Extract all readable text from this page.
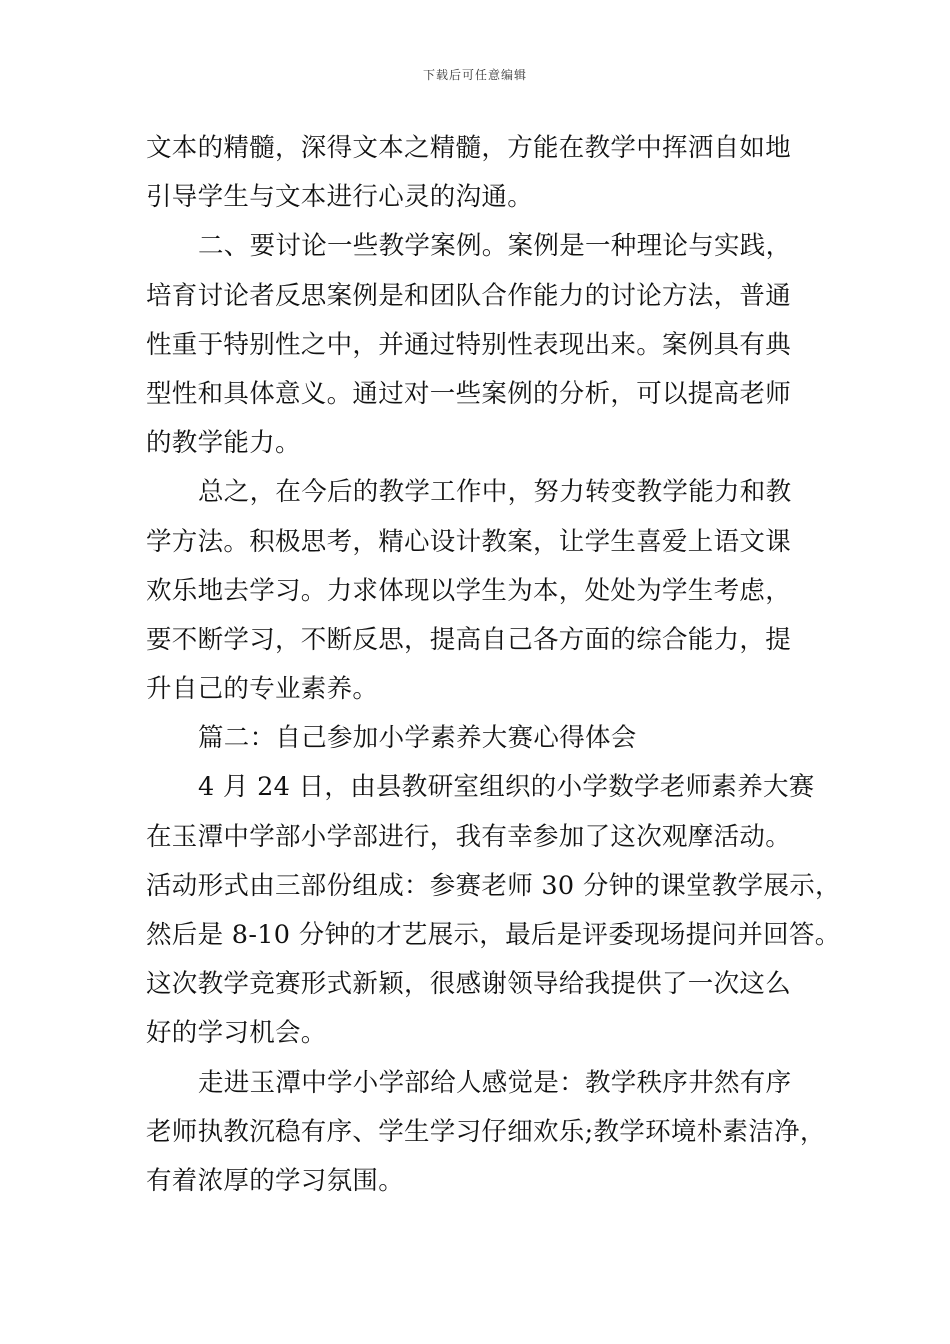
下载后可任意编辑
文本的精髓，深得文本之精髓，方能在教学中挥洒自如地
引导学生与文本进行心灵的沟通。
二、要讨论一些教学案例。案例是一种理论与实践，
培育讨论者反思案例是和团队合作能力的讨论方法，普通
性重于特别性之中，并通过特别性表现出来。案例具有典
型性和具体意义。通过对一些案例的分析，可以提高老师
的教学能力。
总之，在今后的教学工作中，努力转变教学能力和教
学方法。积极思考，精心设计教案，让学生喜爱上语文课
欢乐地去学习。力求体现以学生为本，处处为学生考虑，
要不断学习，不断反思，提高自己各方面的综合能力，提
升自己的专业素养。
篇二：自己参加小学素养大赛心得体会
4 月 24 日，由县教研室组织的小学数学老师素养大赛
在玉潭中学部小学部进行，我有幸参加了这次观摩活动。
活动形式由三部份组成：参赛老师 30 分钟的课堂教学展示，
然后是 8-10 分钟的才艺展示，最后是评委现场提问并回答。
这次教学竞赛形式新颖，很感谢领导给我提供了一次这么
好的学习机会。
走进玉潭中学小学部给人感觉是：教学秩序井然有序
老师执教沉稳有序、学生学习仔细欢乐;教学环境朴素洁净，
有着浓厚的学习氛围。
